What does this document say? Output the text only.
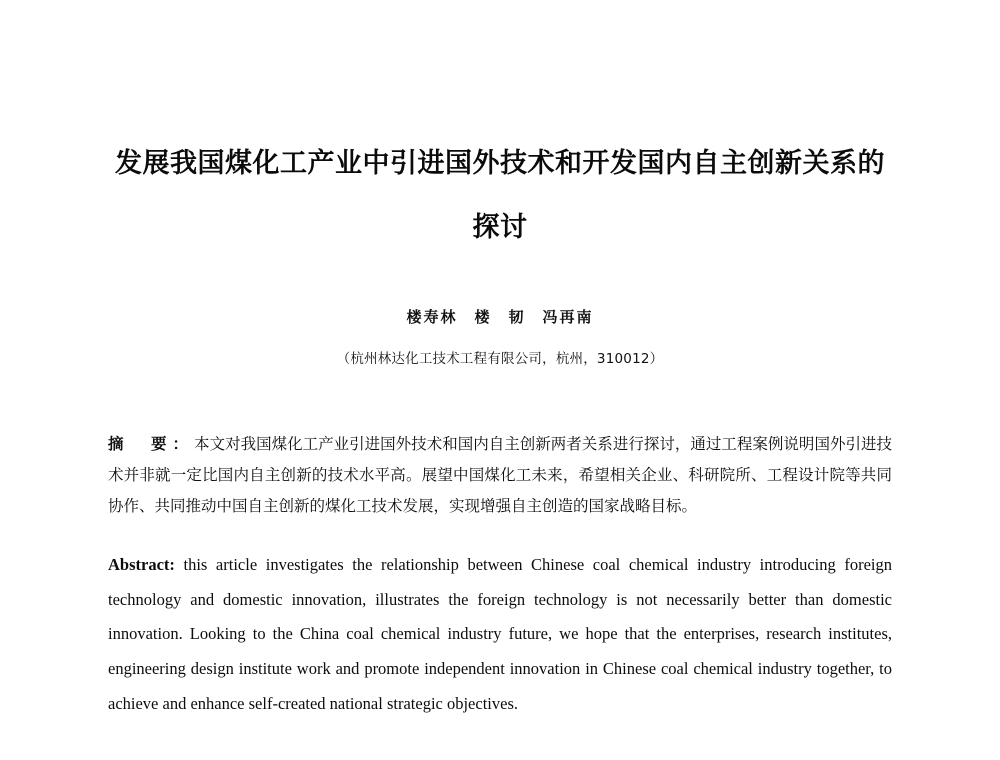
发展我国煤化工产业中引进国外技术和开发国内自主创新关系的
探讨
楼寿林　楼　韧　冯再南
（杭州林达化工技术工程有限公司，杭州，310012）

摘　要：本文对我国煤化工产业引进国外技术和国内自主创新两者关系进行探讨，通过工程案例说明国外引进技术并非就一定比国内自主创新的技术水平高。展望中国煤化工未来，希望相关企业、科研院所、工程设计院等共同协作、共同推动中国自主创新的煤化工技术发展，实现增强自主创造的国家战略目标。

Abstract: this article investigates the relationship between Chinese coal chemical industry introducing foreign technology and domestic innovation, illustrates the foreign technology is not necessarily better than domestic innovation. Looking to the China coal chemical industry future, we hope that the enterprises, research institutes, engineering design institute work and promote independent innovation in Chinese coal chemical industry together, to achieve and enhance self-created national strategic objectives.
